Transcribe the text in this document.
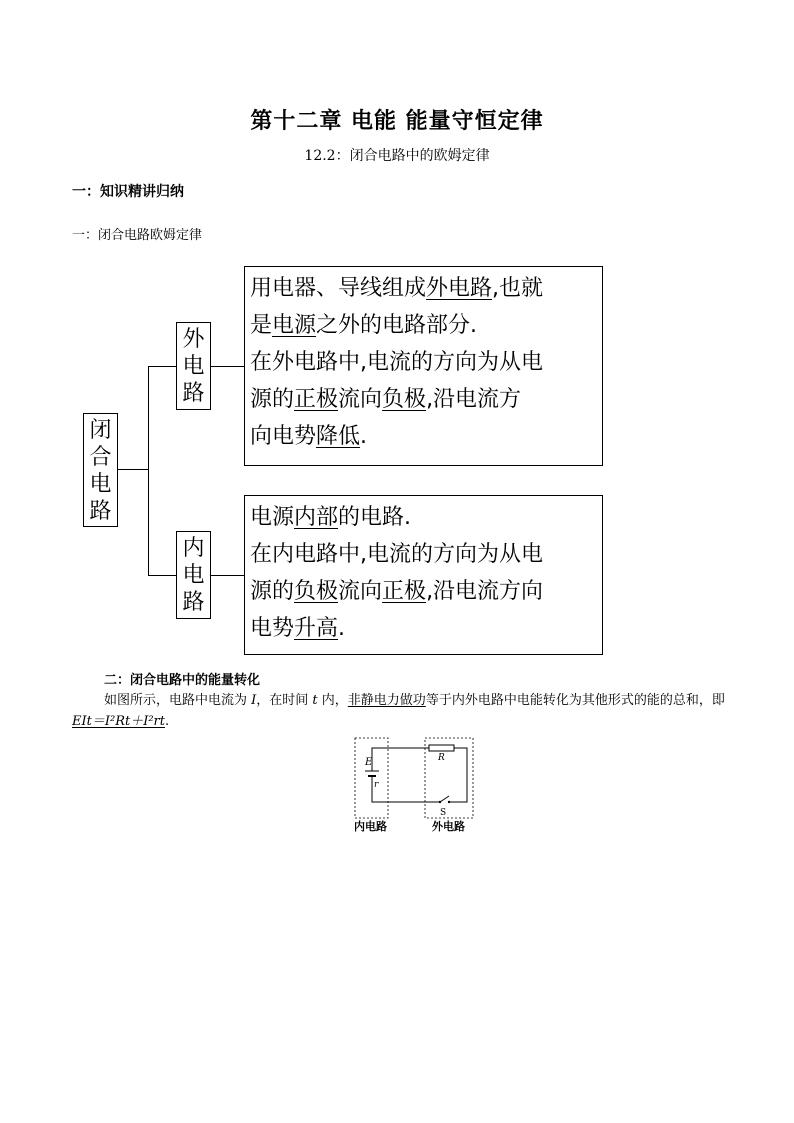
第十二章 电能 能量守恒定律
12.2：闭合电路中的欧姆定律
一：知识精讲归纳
一：闭合电路欧姆定律
闭
合
电
路
外
电
路
内
电
路
用电器、导线组成外电路,也就
是电源之外的电路部分.
在外电路中,电流的方向为从电
源的正极流向负极,沿电流方
向电势降低.
电源内部的电路.
在内电路中,电流的方向为从电
源的负极流向正极,沿电流方向
电势升高.
二：闭合电路中的能量转化
如图所示，电路中电流为 I，在时间 t 内，非静电力做功等于内外电路中电能转化为其他形式的能的总和，即 EIt＝I²Rt＋I²rt.
E
r
R
S
内电路	外电路
